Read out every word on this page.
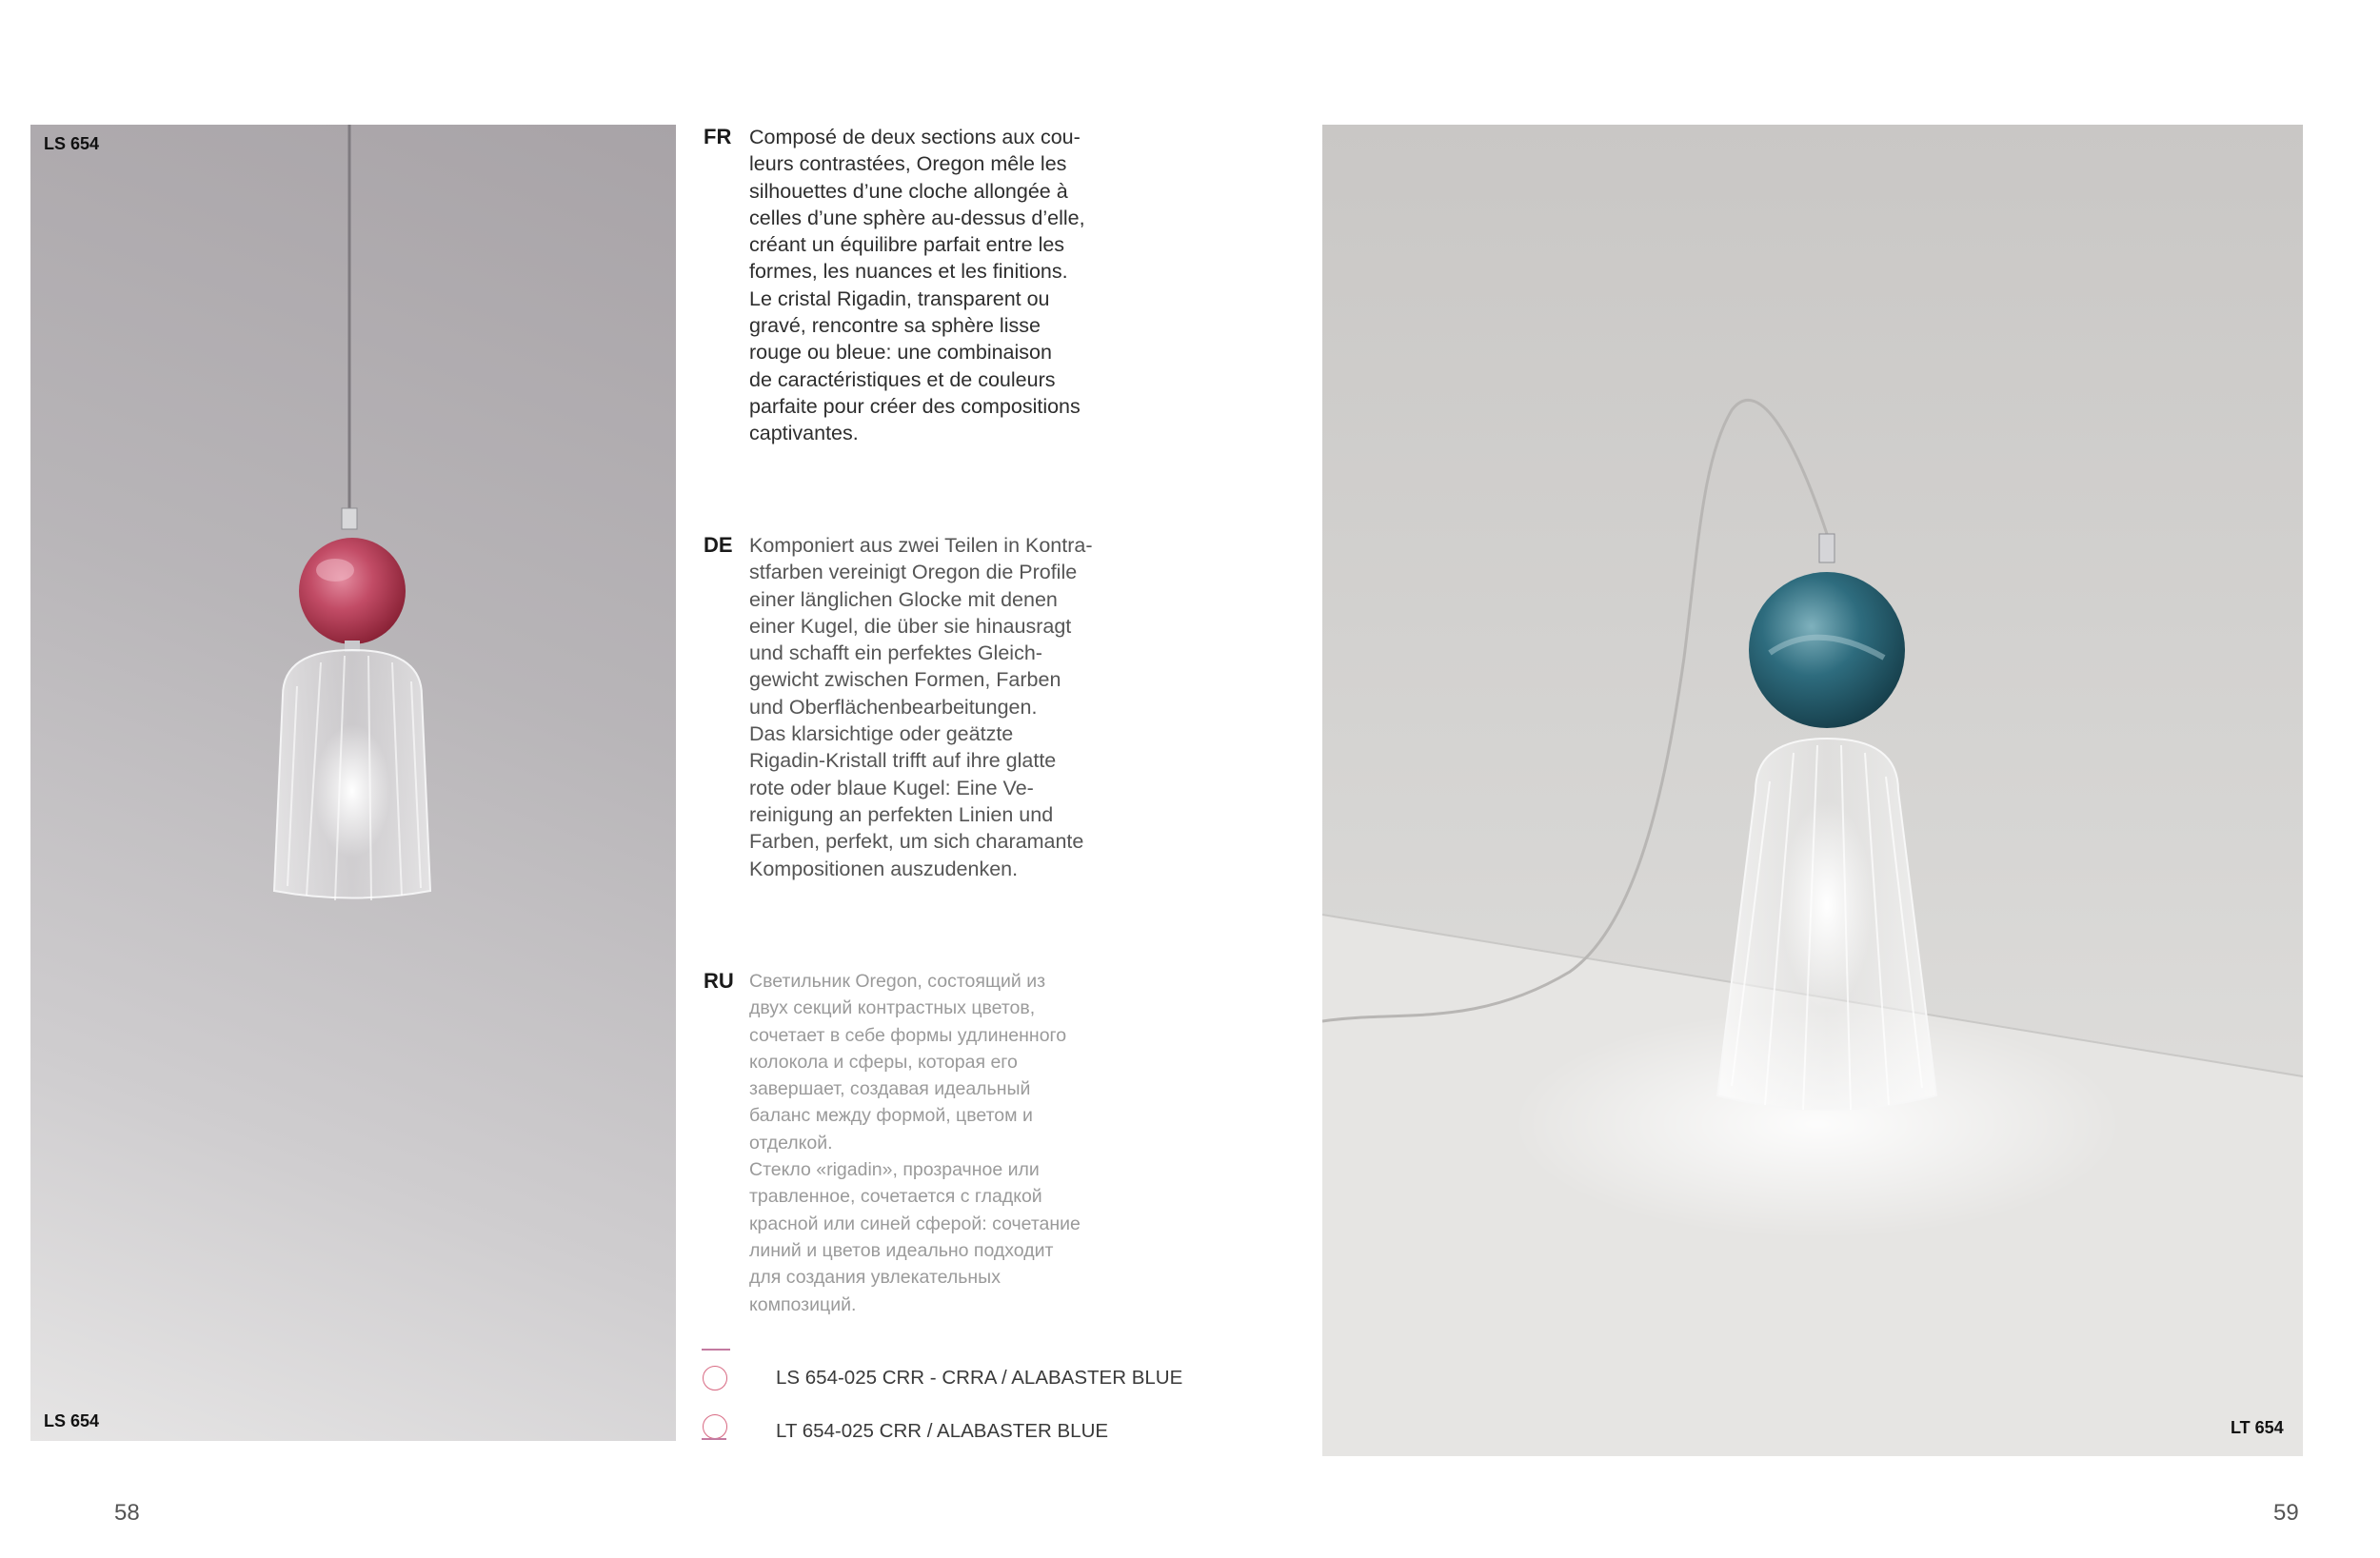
LS 654
LS 654
FR Composé de deux sections aux cou-
leurs contrastées, Oregon mêle les
silhouettes d’une cloche allongée à
celles d’une sphère au-dessus d’elle,
créant un équilibre parfait entre les
formes, les nuances et les finitions.
Le cristal Rigadin, transparent ou
gravé, rencontre sa sphère lisse
rouge ou bleue: une combinaison
de caractéristiques et de couleurs
parfaite pour créer des compositions
captivantes.
DE Komponiert aus zwei Teilen in Kontra-
stfarben vereinigt Oregon die Profile
einer länglichen Glocke mit denen
einer Kugel, die über sie hinausragt
und schafft ein perfektes Gleich-
gewicht zwischen Formen, Farben
und Oberflächenbearbeitungen.
Das klarsichtige oder geätzte
Rigadin-Kristall trifft auf ihre glatte
rote oder blaue Kugel: Eine Ve-
reinigung an perfekten Linien und
Farben, perfekt, um sich charamante
Kompositionen auszudenken.
RU Светильник Oregon, состоящий из
двух секций контрастных цветов,
сочетает в себе формы удлиненного
колокола и сферы, которая его
завершает, создавая идеальный
баланс между формой, цветом и
отделкой.
Стекло «rigadin», прозрачное или
травленное, сочетается с гладкой
красной или синей сферой: сочетание
линий и цветов идеально подходит
для создания увлекательных
композиций.
LS 654-025 CRR - CRRA / ALABASTER BLUE
LT 654-025 CRR / ALABASTER BLUE
58
LT 654
59
